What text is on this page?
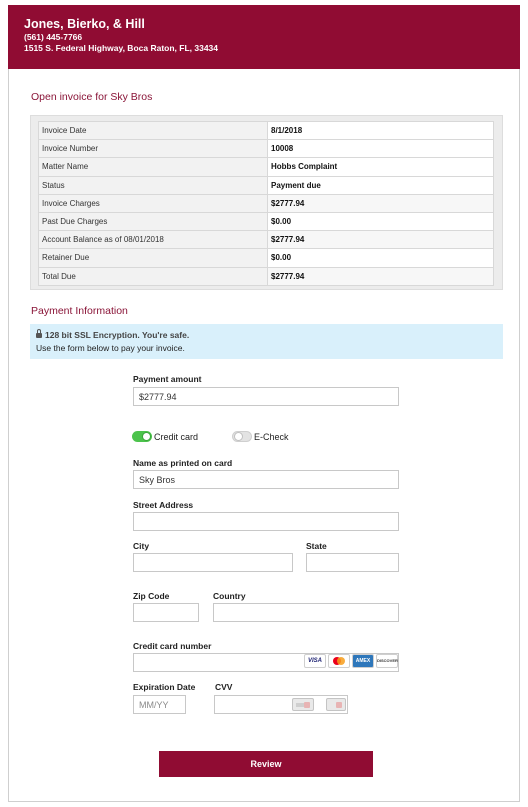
Jones, Bierko, & Hill
(561) 445-7766
1515 S. Federal Highway, Boca Raton, FL, 33434
Open invoice for Sky Bros
Invoice Date	8/1/2018
Invoice Number	10008
Matter Name	Hobbs Complaint
Status	Payment due
Invoice Charges	$2777.94
Past Due Charges	$0.00
Account Balance as of 08/01/2018	$2777.94
Retainer Due	$0.00
Total Due	$2777.94
Payment Information
128 bit SSL Encryption. You're safe.
Use the form below to pay your invoice.
Payment amount
$2777.94
Credit card	E-Check
Name as printed on card
Sky Bros
Street Address
City	State
Zip Code	Country
Credit card number
VISA	AMEX	DISCOVER
Expiration Date
MM/YY CVV
Review
